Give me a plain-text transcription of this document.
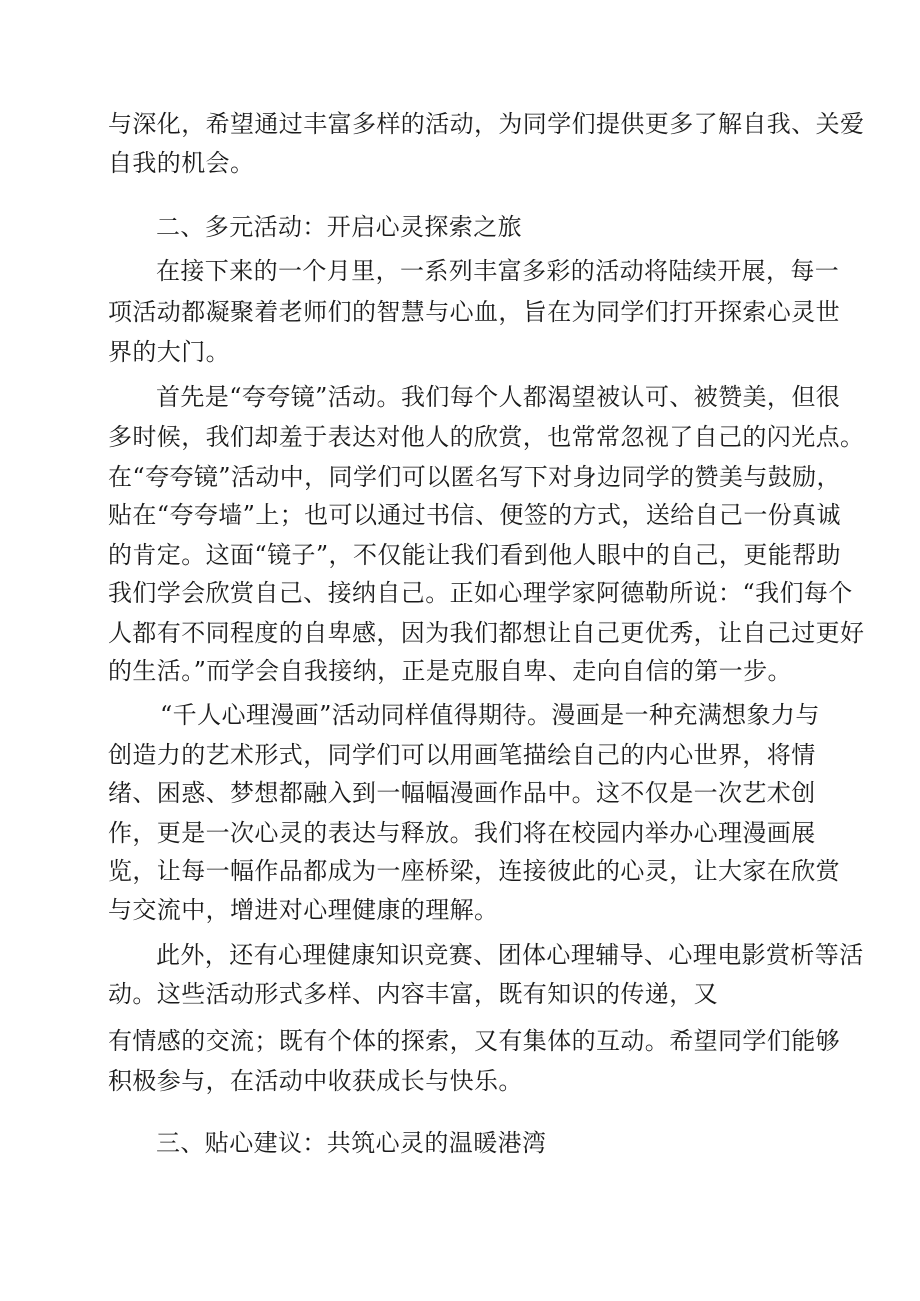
与深化，希望通过丰富多样的活动，为同学们提供更多了解自我、关爱
自我的机会。
二、多元活动：开启心灵探索之旅
在接下来的一个月里，一系列丰富多彩的活动将陆续开展，每一
项活动都凝聚着老师们的智慧与心血，旨在为同学们打开探索心灵世
界的大门。
首先是“夸夸镜”活动。我们每个人都渴望被认可、被赞美，但很
多时候，我们却羞于表达对他人的欣赏，也常常忽视了自己的闪光点。
在“夸夸镜”活动中，同学们可以匿名写下对身边同学的赞美与鼓励，
贴在“夸夸墙”上；也可以通过书信、便签的方式，送给自己一份真诚
的肯定。这面“镜子”，不仅能让我们看到他人眼中的自己，更能帮助
我们学会欣赏自己、接纳自己。正如心理学家阿德勒所说：“我们每个
人都有不同程度的自卑感，因为我们都想让自己更优秀，让自己过更好
的生活。”而学会自我接纳，正是克服自卑、走向自信的第一步。
“千人心理漫画”活动同样值得期待。漫画是一种充满想象力与
创造力的艺术形式，同学们可以用画笔描绘自己的内心世界，将情
绪、困惑、梦想都融入到一幅幅漫画作品中。这不仅是一次艺术创
作，更是一次心灵的表达与释放。我们将在校园内举办心理漫画展
览，让每一幅作品都成为一座桥梁，连接彼此的心灵，让大家在欣赏
与交流中，增进对心理健康的理解。
此外，还有心理健康知识竞赛、团体心理辅导、心理电影赏析等活
动。这些活动形式多样、内容丰富，既有知识的传递，又
有情感的交流；既有个体的探索，又有集体的互动。希望同学们能够
积极参与，在活动中收获成长与快乐。
三、贴心建议：共筑心灵的温暖港湾
